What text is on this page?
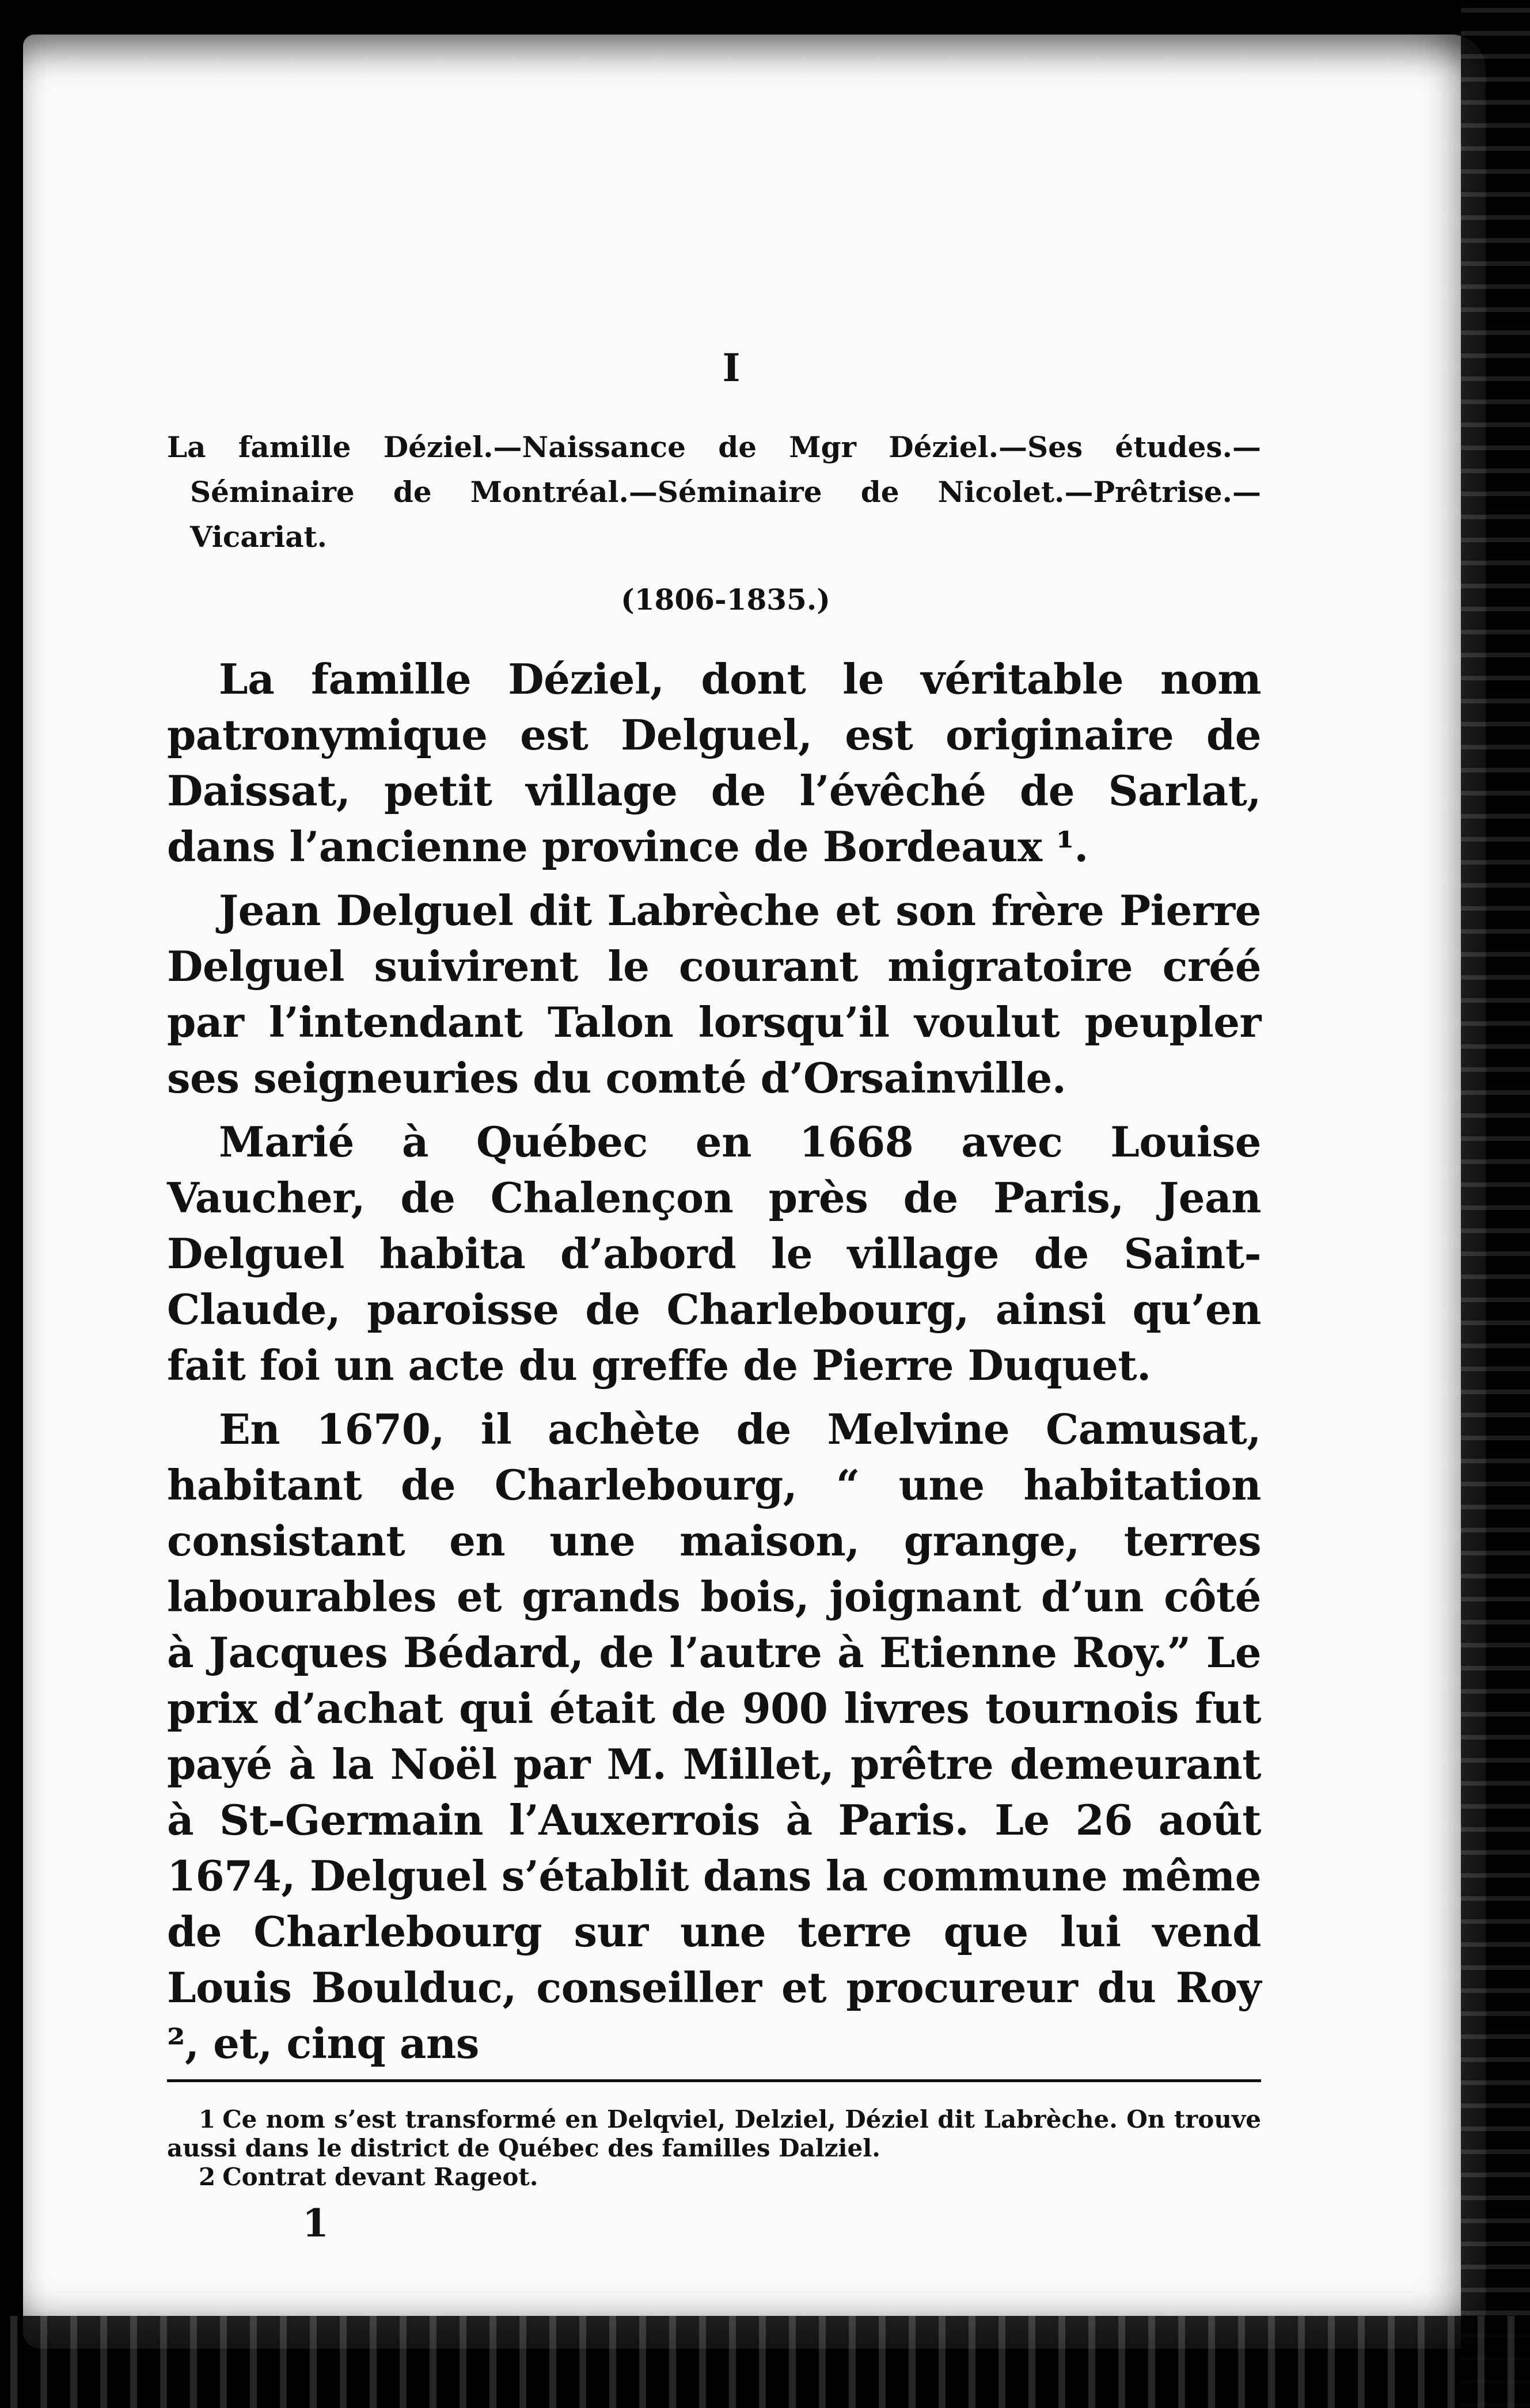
I

La famille Déziel.—Naissance de Mgr Déziel.—Ses études.—Séminaire de Montréal.—Séminaire de Nicolet.—Prêtrise.—Vicariat.

(1806-1835.)

La famille Déziel, dont le véritable nom patronymique est Delguel, est originaire de Daissat, petit village de l’évêché de Sarlat, dans l’ancienne province de Bordeaux ¹.

Jean Delguel dit Labrèche et son frère Pierre Delguel suivirent le courant migratoire créé par l’intendant Talon lorsqu’il voulut peupler ses seigneuries du comté d’Orsainville.

Marié à Québec en 1668 avec Louise Vaucher, de Chalençon près de Paris, Jean Delguel habita d’abord le village de Saint-Claude, paroisse de Charlebourg, ainsi qu’en fait foi un acte du greffe de Pierre Duquet.

En 1670, il achète de Melvine Camusat, habitant de Charlebourg, “ une habitation consistant en une maison, grange, terres labourables et grands bois, joignant d’un côté à Jacques Bédard, de l’autre à Etienne Roy.” Le prix d’achat qui était de 900 livres tournois fut payé à la Noël par M. Millet, prêtre demeurant à St-Germain l’Auxerrois à Paris. Le 26 août 1674, Delguel s’établit dans la commune même de Charlebourg sur une terre que lui vend Louis Boulduc, conseiller et procureur du Roy ², et, cinq ans

1 Ce nom s’est transformé en Delqviel, Delziel, Déziel dit Labrèche. On trouve aussi dans le district de Québec des familles Dalziel.

2 Contrat devant Rageot.

1
